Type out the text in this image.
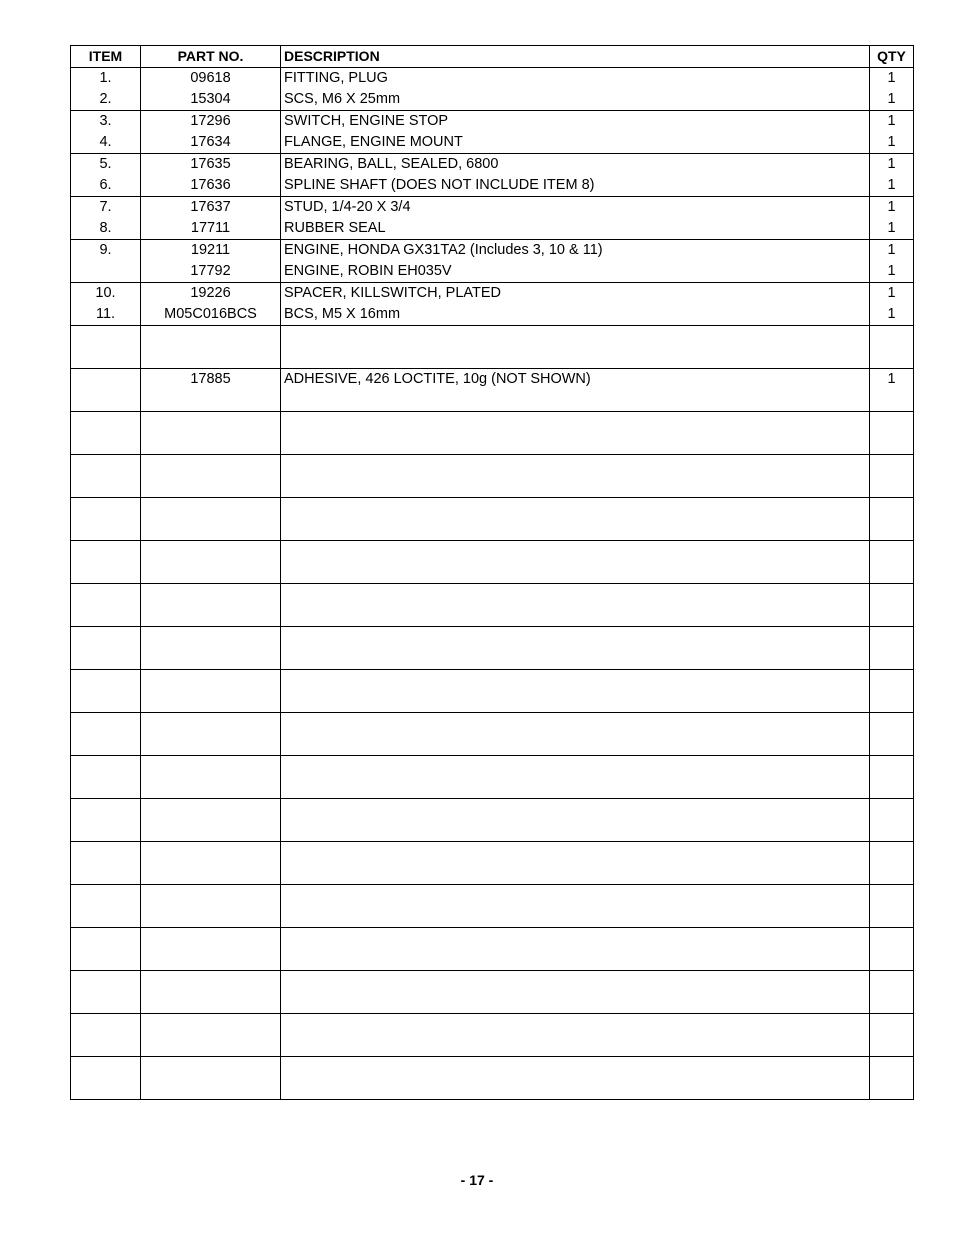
ITEM	PART NO.	DESCRIPTION	QTY
1.	09618	FITTING, PLUG	1
2.	15304	SCS, M6 X 25mm	1
3.	17296	SWITCH, ENGINE STOP	1
4.	17634	FLANGE, ENGINE MOUNT	1
5.	17635	BEARING, BALL, SEALED, 6800	1
6.	17636	SPLINE SHAFT (DOES NOT INCLUDE ITEM 8)	1
7.	17637	STUD, 1/4-20 X 3/4	1
8.	17711	RUBBER SEAL	1
9.	19211	ENGINE, HONDA GX31TA2 (Includes 3, 10 & 11)	1
	17792	ENGINE, ROBIN EH035V	1
10.	19226	SPACER, KILLSWITCH, PLATED	1
11.	M05C016BCS	BCS, M5 X 16mm	1

	17885	ADHESIVE, 426 LOCTITE, 10g (NOT SHOWN)	1

- 17 -
